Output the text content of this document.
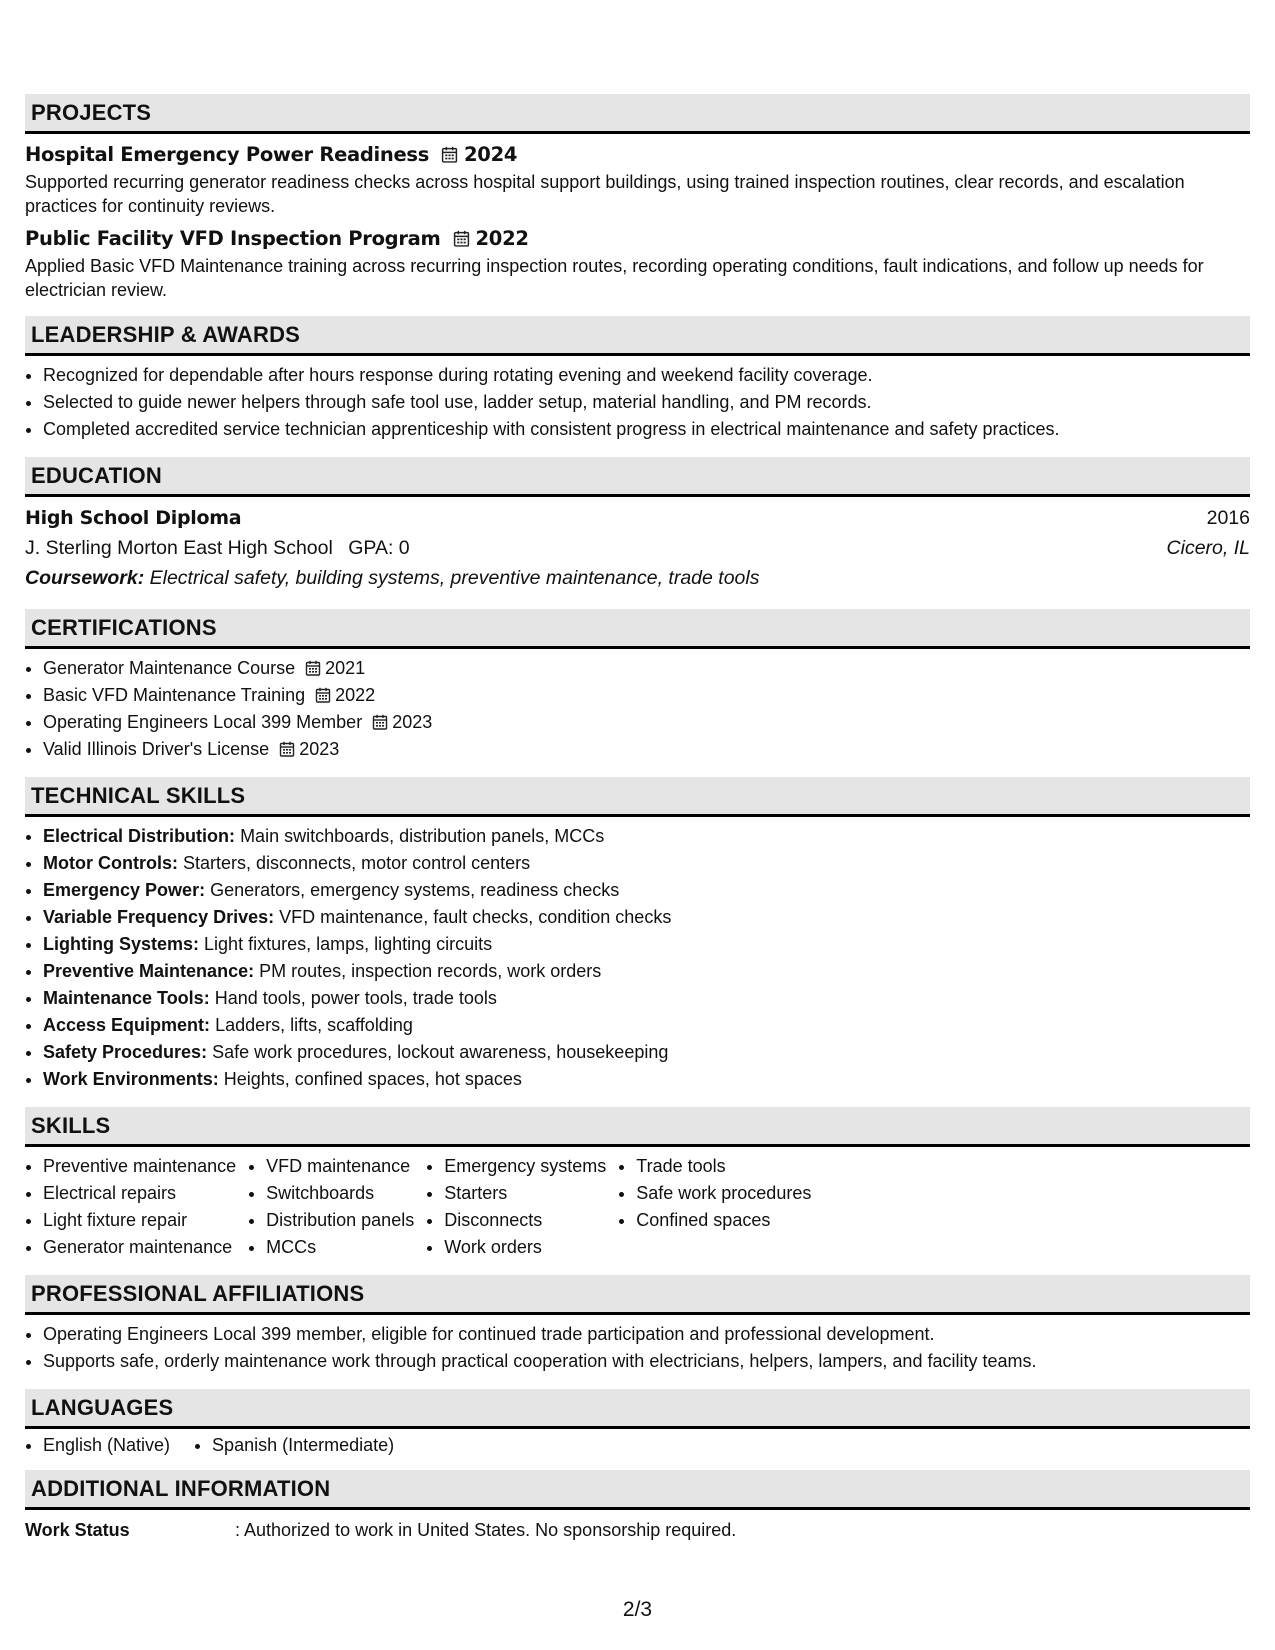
PROJECTS
Hospital Emergency Power Readiness 2024
Supported recurring generator readiness checks across hospital support buildings, using trained inspection routines, clear records, and escalation practices for continuity reviews.
Public Facility VFD Inspection Program 2022
Applied Basic VFD Maintenance training across recurring inspection routes, recording operating conditions, fault indications, and follow up needs for electrician review.
LEADERSHIP & AWARDS
• Recognized for dependable after hours response during rotating evening and weekend facility coverage.
• Selected to guide newer helpers through safe tool use, ladder setup, material handling, and PM records.
• Completed accredited service technician apprenticeship with consistent progress in electrical maintenance and safety practices.
EDUCATION
High School Diploma	2016
J. Sterling Morton East High School GPA: 0	Cicero, IL
Coursework: Electrical safety, building systems, preventive maintenance, trade tools
CERTIFICATIONS
• Generator Maintenance Course 2021
• Basic VFD Maintenance Training 2022
• Operating Engineers Local 399 Member 2023
• Valid Illinois Driver's License 2023
TECHNICAL SKILLS
• Electrical Distribution: Main switchboards, distribution panels, MCCs
• Motor Controls: Starters, disconnects, motor control centers
• Emergency Power: Generators, emergency systems, readiness checks
• Variable Frequency Drives: VFD maintenance, fault checks, condition checks
• Lighting Systems: Light fixtures, lamps, lighting circuits
• Preventive Maintenance: PM routes, inspection records, work orders
• Maintenance Tools: Hand tools, power tools, trade tools
• Access Equipment: Ladders, lifts, scaffolding
• Safety Procedures: Safe work procedures, lockout awareness, housekeeping
• Work Environments: Heights, confined spaces, hot spaces
SKILLS
• Preventive maintenance
• Electrical repairs
• Light fixture repair
• Generator maintenance
• VFD maintenance
• Switchboards
• Distribution panels
• MCCs
• Emergency systems
• Starters
• Disconnects
• Work orders
• Trade tools
• Safe work procedures
• Confined spaces
PROFESSIONAL AFFILIATIONS
• Operating Engineers Local 399 member, eligible for continued trade participation and professional development.
• Supports safe, orderly maintenance work through practical cooperation with electricians, helpers, lampers, and facility teams.
LANGUAGES
English (Native) Spanish (Intermediate)
ADDITIONAL INFORMATION
Work Status	: Authorized to work in United States. No sponsorship required.
2/3
